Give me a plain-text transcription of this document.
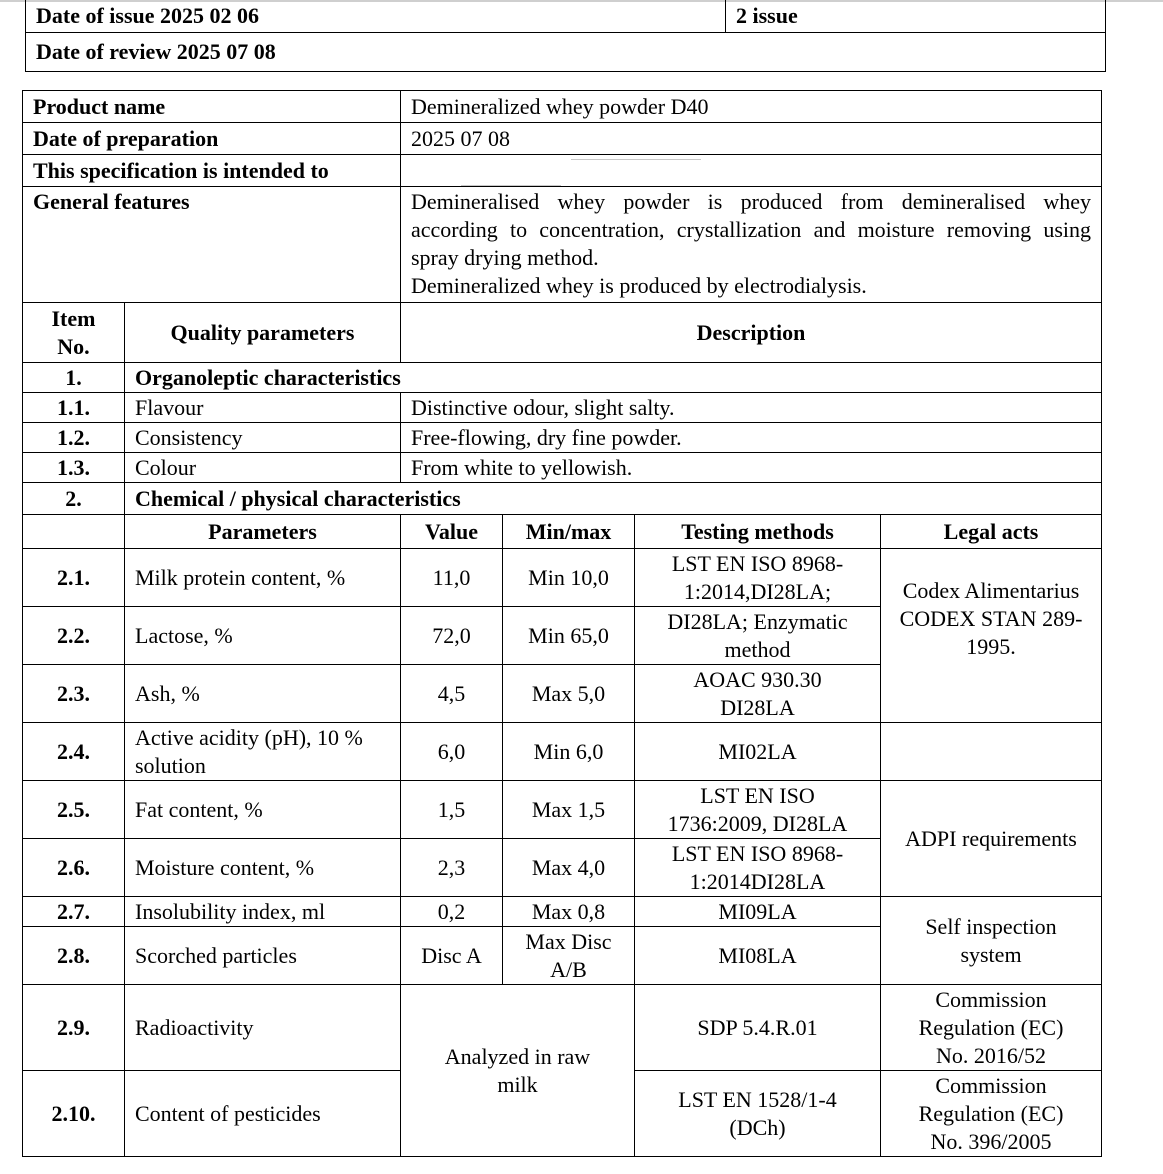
Date of issue 2025 02 06	2 issue
Date of review 2025 07 08
Product name	Demineralized whey powder D40
Date of preparation	2025 07 08
This specification is intended to	

General features	Demineralised whey powder is produced from demineralised whey according to concentration, crystallization and moisture removing using spray drying method.
Demineralized whey is produced by electrodialysis.
Item No.	Quality parameters	Description			
1.	Organoleptic characteristics				
1.1.	Flavour	Distinctive odour, slight salty.			
1.2.	Consistency	Free-flowing, dry fine powder.			
1.3.	Colour	From white to yellowish.			
2.	Chemical / physical characteristics				
	Parameters	Value	Min/max	Testing methods	Legal acts
2.1.	Milk protein content, %	11,0	Min 10,0	LST EN ISO 8968-1:2014,DI28LA;	Codex Alimentarius CODEX STAN 289-1995.
2.2.	Lactose, %	72,0	Min 65,0	DI28LA; Enzymatic method	
2.3.	Ash, %	4,5	Max 5,0	AOAC 930.30 DI28LA	
2.4.	Active acidity (pH), 10 % solution	6,0	Min 6,0	MI02LA	
2.5.	Fat content, %	1,5	Max 1,5	LST EN ISO 1736:2009, DI28LA	ADPI requirements
2.6.	Moisture content, %	2,3	Max 4,0	LST EN ISO 8968-1:2014DI28LA	
2.7.	Insolubility index, ml	0,2	Max 0,8	MI09LA	Self inspection system
2.8.	Scorched particles	Disc A	Max Disc A/B	MI08LA	
2.9.	Radioactivity	Analyzed in raw milk		SDP 5.4.R.01	Commission Regulation (EC) No. 2016/52
2.10.	Content of pesticides			LST EN 1528/1-4 (DCh)	Commission Regulation (EC) No. 396/2005
